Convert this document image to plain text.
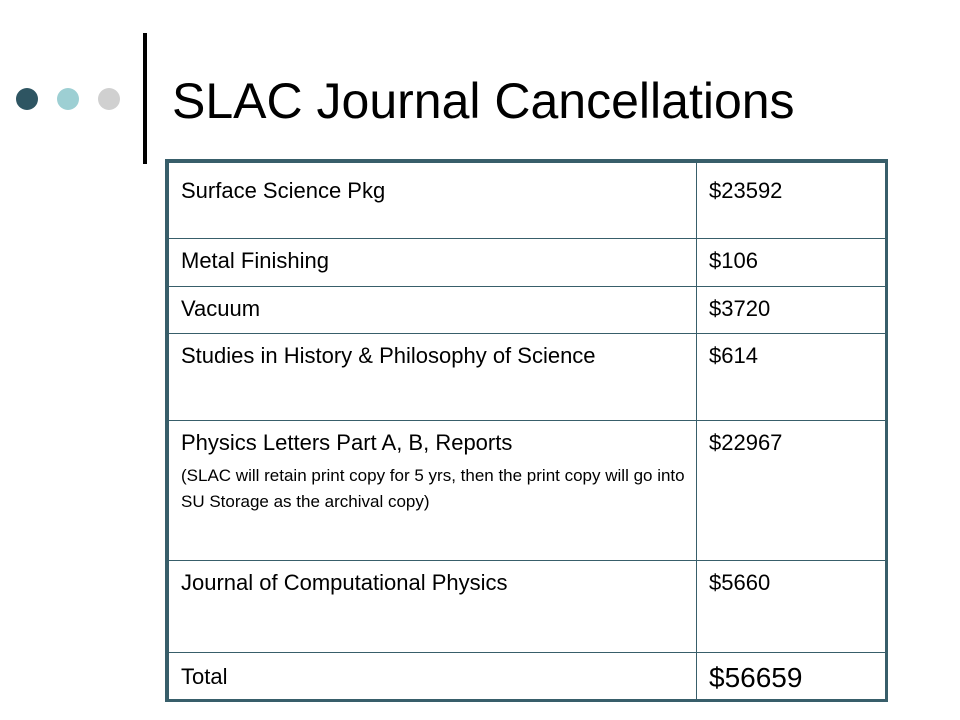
SLAC Journal Cancellations
Surface Science Pkg	$23592
Metal Finishing	$106
Vacuum	$3720
Studies in History & Philosophy of Science	$614
Physics Letters Part A, B, Reports
(SLAC will retain print copy for 5 yrs, then the print copy will go into SU Storage as the archival copy)	$22967
Journal of Computational Physics	$5660
Total	$56659
